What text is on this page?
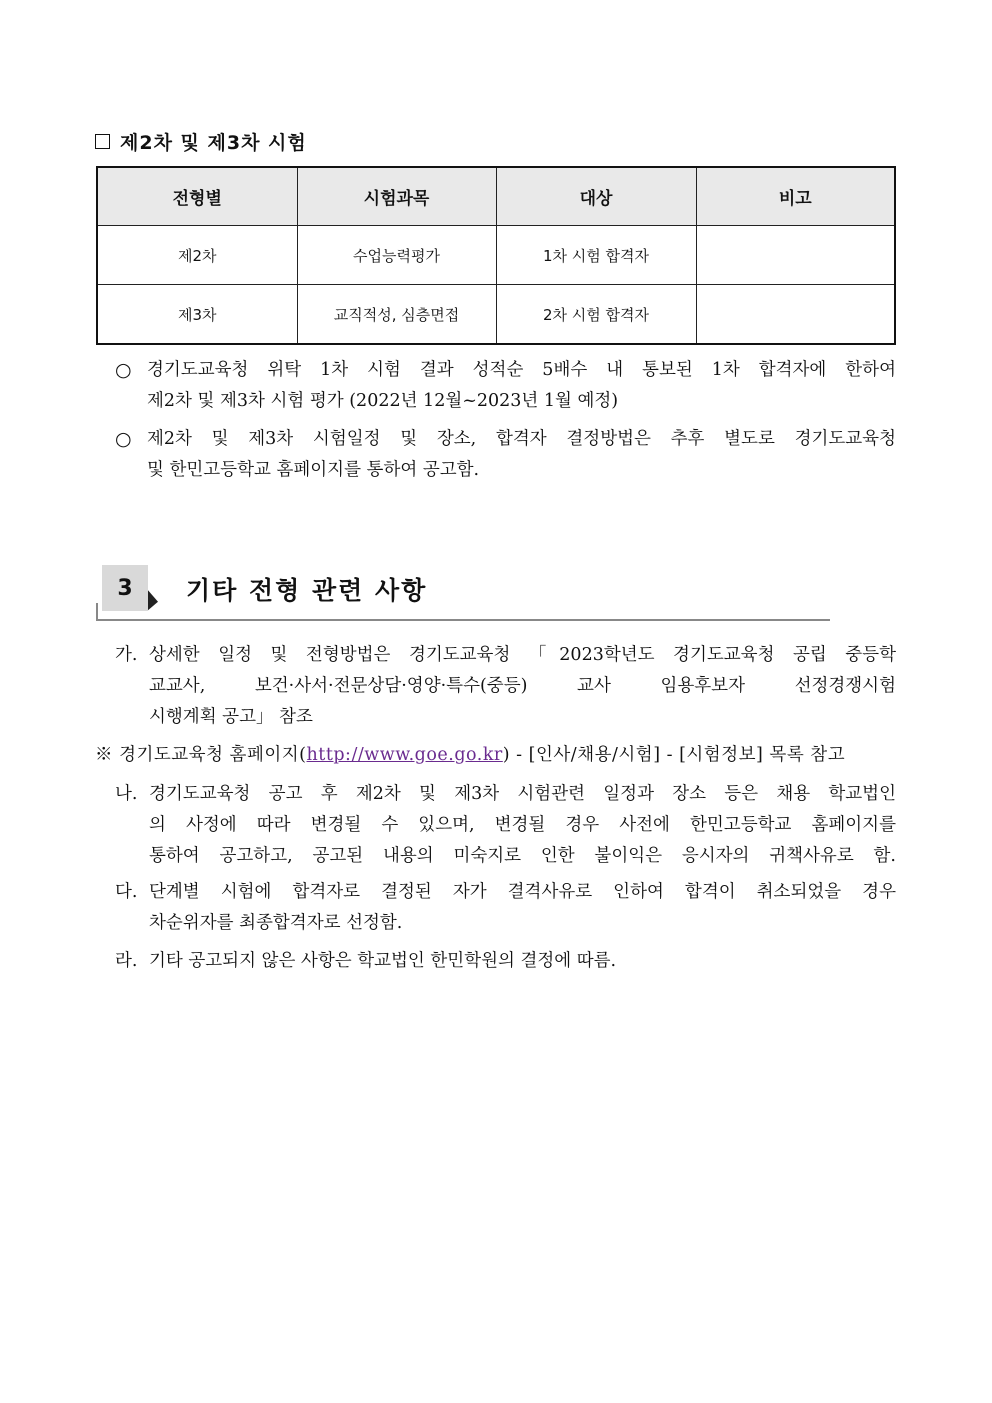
제2차 및 제3차 시험
전형별	시험과목	대상	비고
제2차	수업능력평가	1차 시험 합격자	
제3차	교직적성, 심층면접	2차 시험 합격자	
○ 경기도교육청 위탁 1차 시험 결과 성적순 5배수 내 통보된 1차 합격자에 한하여
제2차 및 제3차 시험 평가 (2022년 12월~2023년 1월 예정)
○ 제2차 및 제3차 시험일정 및 장소, 합격자 결정방법은 추후 별도로 경기도교육청
및 한민고등학교 홈페이지를 통하여 공고함.
3	기타 전형 관련 사항
가. 상세한 일정 및 전형방법은 경기도교육청 「2023학년도 경기도교육청 공립 중등학
교교사, 보건·사서·전문상담·영양·특수(중등) 교사 임용후보자 선정경쟁시험
시행계획 공고」 참조
※ 경기도교육청 홈페이지(http://www.goe.go.kr) - [인사/채용/시험] - [시험정보] 목록 참고
나. 경기도교육청 공고 후 제2차 및 제3차 시험관련 일정과 장소 등은 채용 학교법인
의 사정에 따라 변경될 수 있으며, 변경될 경우 사전에 한민고등학교 홈페이지를
통하여 공고하고, 공고된 내용의 미숙지로 인한 불이익은 응시자의 귀책사유로 함.
다. 단계별 시험에 합격자로 결정된 자가 결격사유로 인하여 합격이 취소되었을 경우
차순위자를 최종합격자로 선정함.
라. 기타 공고되지 않은 사항은 학교법인 한민학원의 결정에 따름.
